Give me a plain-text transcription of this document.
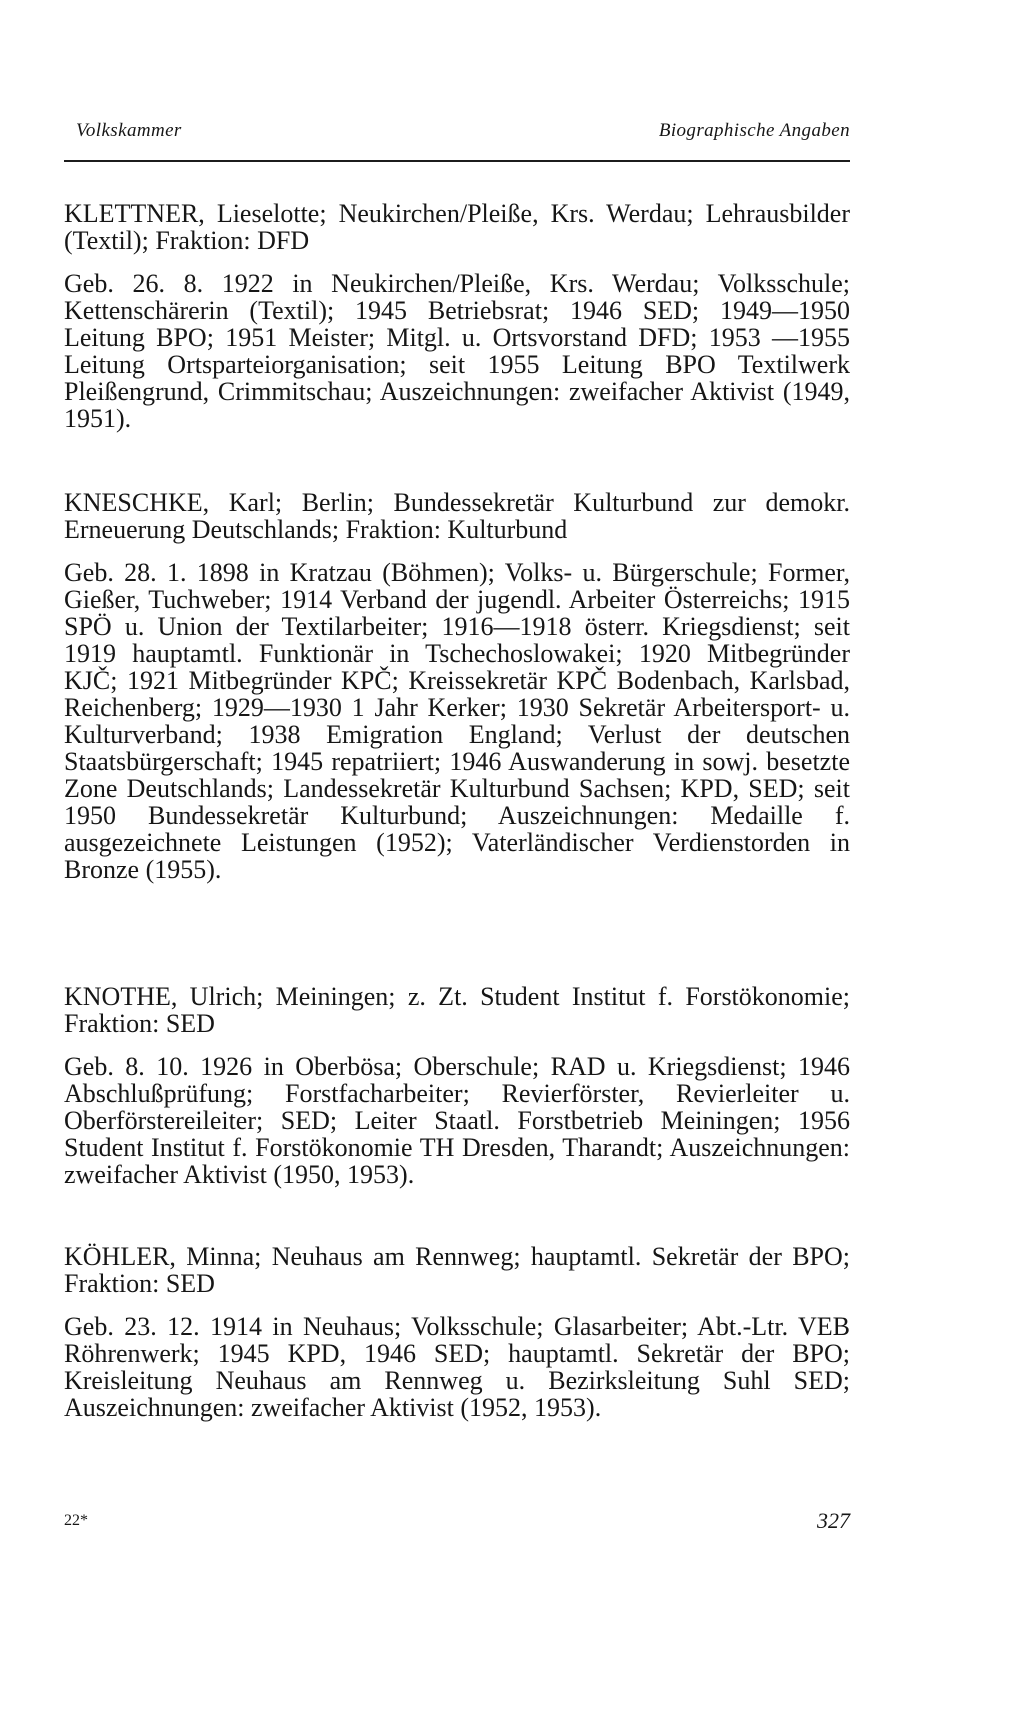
Volkskammer	Biographische Angaben

KLETTNER, Lieselotte; Neukirchen/Pleiße, Krs. Werdau; Lehrausbilder (Textil); Fraktion: DFD

Geb. 26. 8. 1922 in Neukirchen/Pleiße, Krs. Werdau; Volksschule; Kettenschärerin (Textil); 1945 Betriebsrat; 1946 SED; 1949—1950 Leitung BPO; 1951 Meister; Mitgl. u. Ortsvorstand DFD; 1953 —1955 Leitung Ortsparteiorganisation; seit 1955 Leitung BPO Textilwerk Pleißengrund, Crimmitschau; Auszeichnungen: zweifacher Aktivist (1949, 1951).

KNESCHKE, Karl; Berlin; Bundessekretär Kulturbund zur demokr. Erneuerung Deutschlands; Fraktion: Kulturbund

Geb. 28. 1. 1898 in Kratzau (Böhmen); Volks- u. Bürgerschule; Former, Gießer, Tuchweber; 1914 Verband der jugendl. Arbeiter Österreichs; 1915 SPÖ u. Union der Textilarbeiter; 1916—1918 österr. Kriegsdienst; seit 1919 hauptamtl. Funktionär in Tschechoslowakei; 1920 Mitbegründer KJČ; 1921 Mitbegründer KPČ; Kreissekretär KPČ Bodenbach, Karlsbad, Reichenberg; 1929—1930 1 Jahr Kerker; 1930 Sekretär Arbeitersport- u. Kulturverband; 1938 Emigration England; Verlust der deutschen Staatsbürgerschaft; 1945 repatriiert; 1946 Auswanderung in sowj. besetzte Zone Deutschlands; Landessekretär Kulturbund Sachsen; KPD, SED; seit 1950 Bundessekretär Kulturbund; Auszeichnungen: Medaille f. ausgezeichnete Leistungen (1952); Vaterländischer Verdienstorden in Bronze (1955).

KNOTHE, Ulrich; Meiningen; z. Zt. Student Institut f. Forstökonomie; Fraktion: SED

Geb. 8. 10. 1926 in Oberbösa; Oberschule; RAD u. Kriegsdienst; 1946 Abschlußprüfung; Forstfacharbeiter; Revierförster, Revierleiter u. Oberförstereileiter; SED; Leiter Staatl. Forstbetrieb Meiningen; 1956 Student Institut f. Forstökonomie TH Dresden, Tharandt; Auszeichnungen: zweifacher Aktivist (1950, 1953).

KÖHLER, Minna; Neuhaus am Rennweg; hauptamtl. Sekretär der BPO; Fraktion: SED

Geb. 23. 12. 1914 in Neuhaus; Volksschule; Glasarbeiter; Abt.-Ltr. VEB Röhrenwerk; 1945 KPD, 1946 SED; hauptamtl. Sekretär der BPO; Kreisleitung Neuhaus am Rennweg u. Bezirksleitung Suhl SED; Auszeichnungen: zweifacher Aktivist (1952, 1953).

22*	327
